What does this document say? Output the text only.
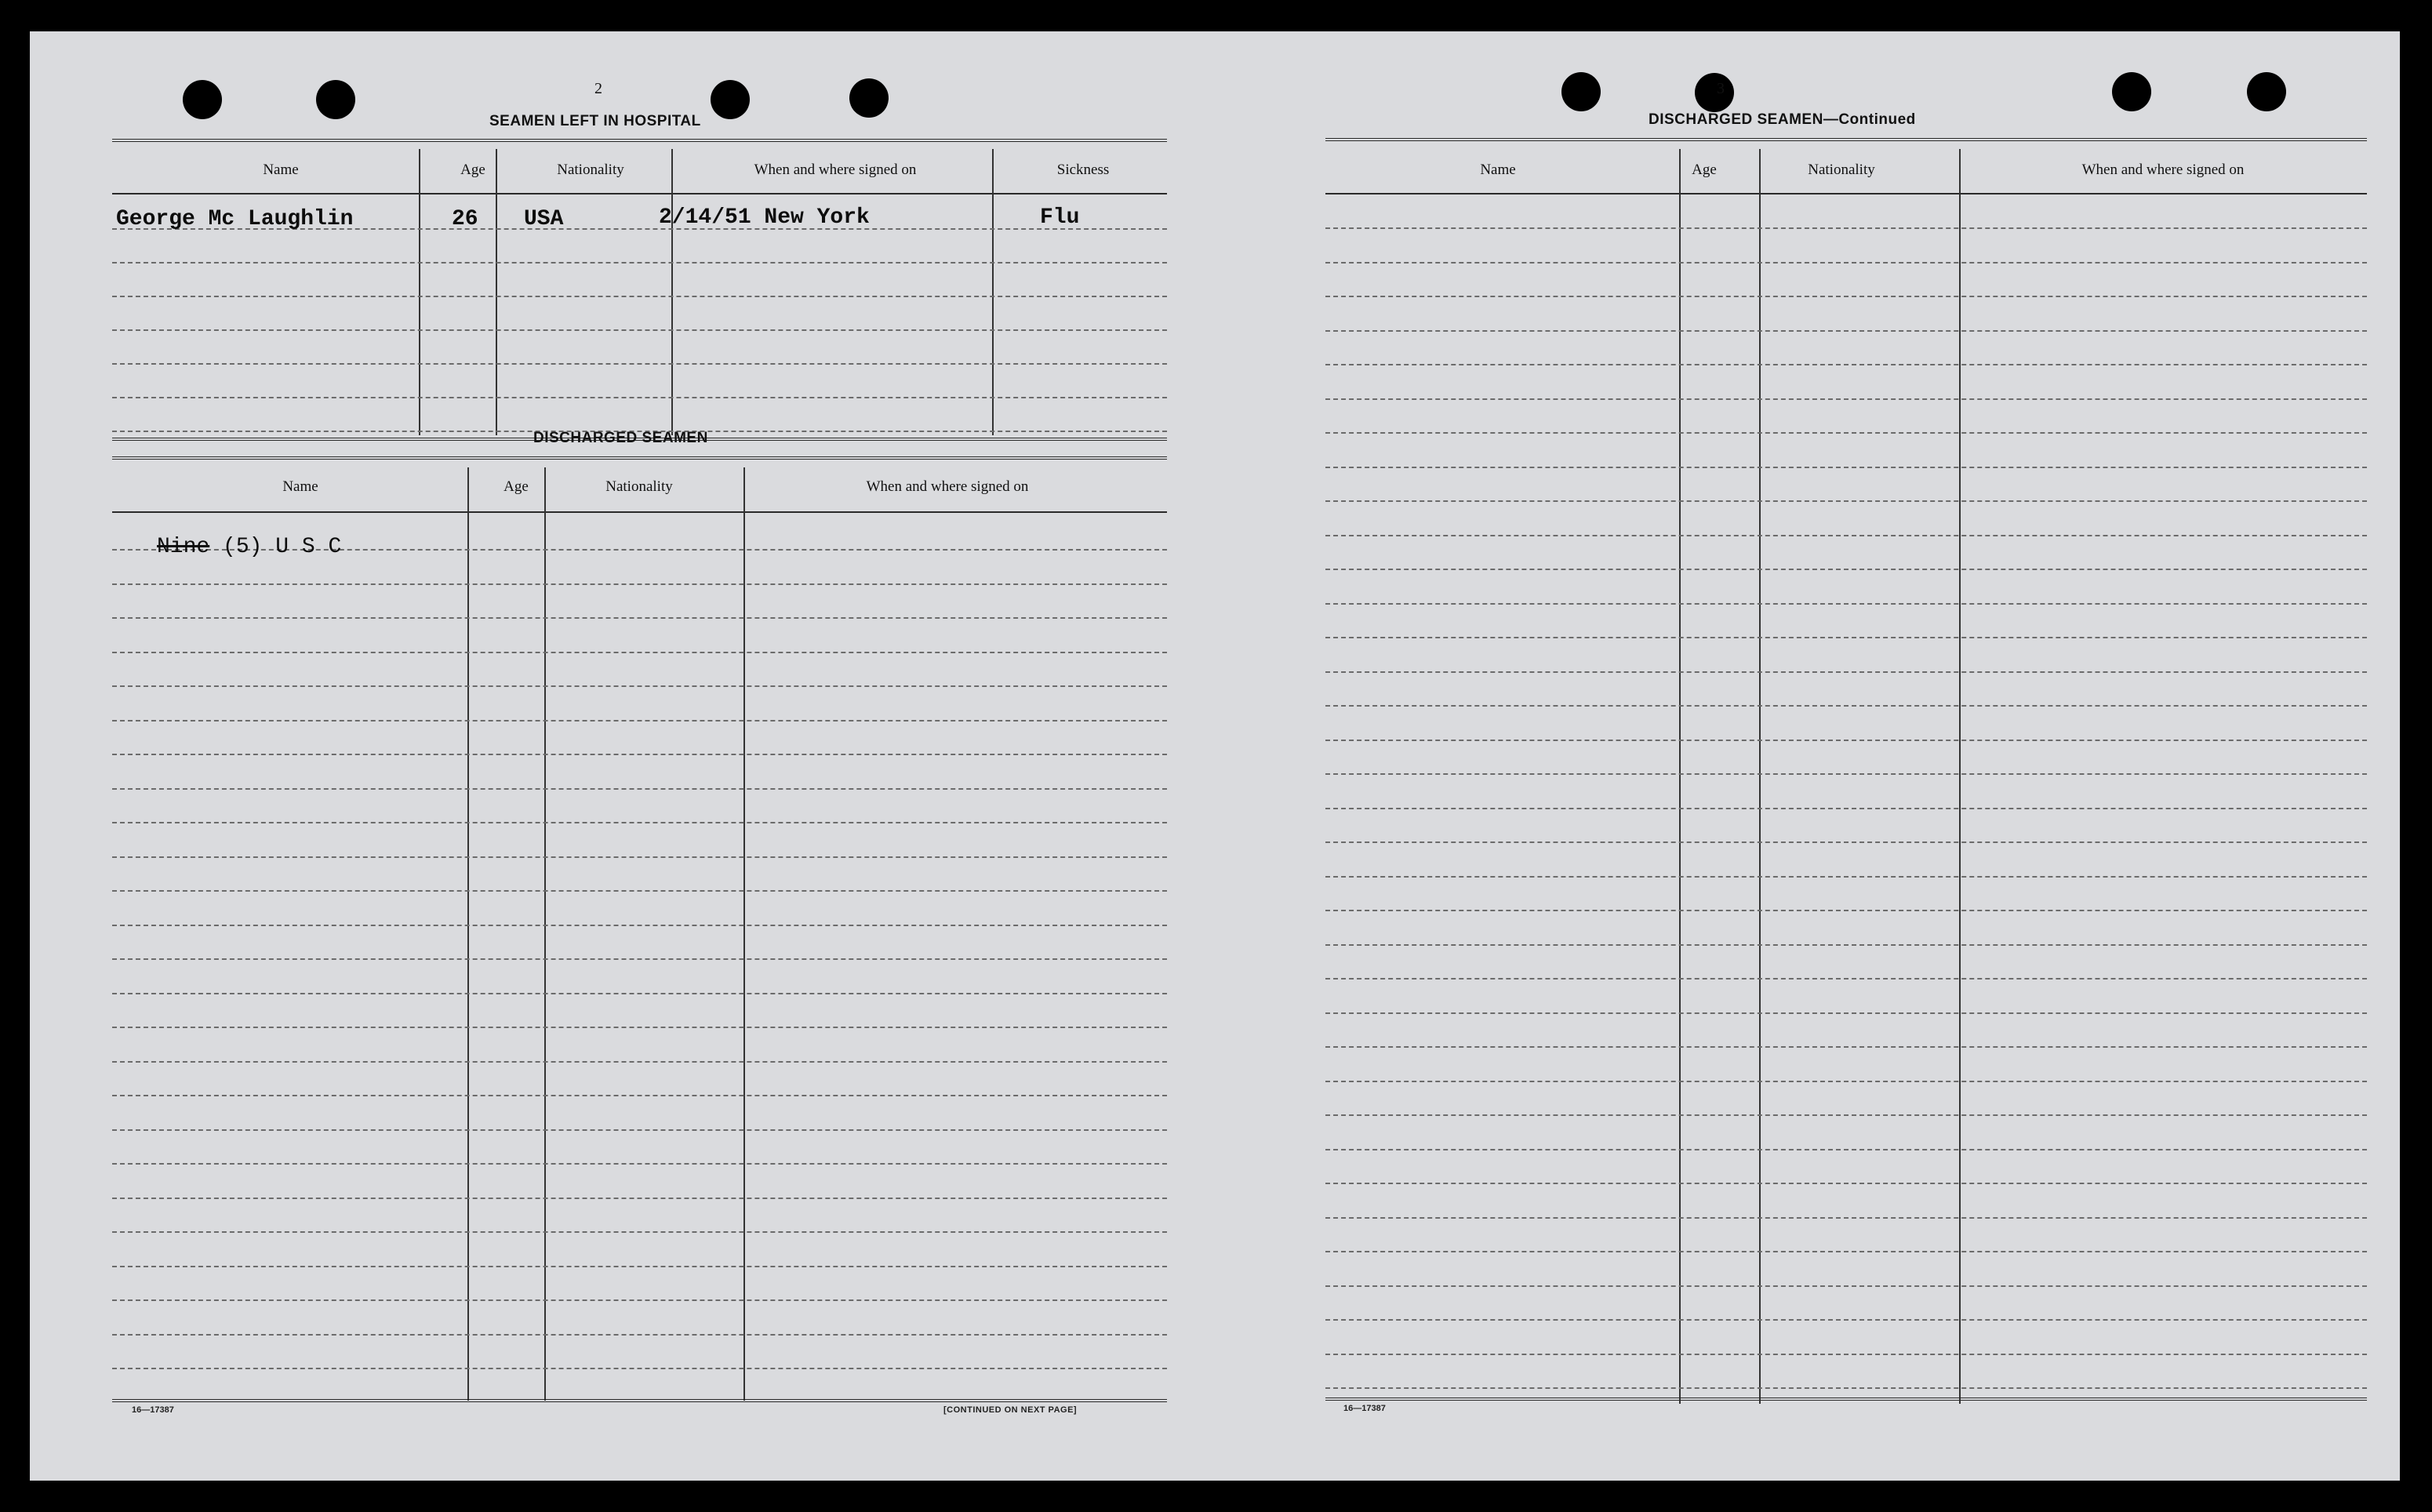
2
SEAMEN LEFT IN HOSPITAL
Name	Age	Nationality	When and where signed on	Sickness
George Mc Laughlin	26 USA	2/14/51 New York	Flu
DISCHARGED SEAMEN
Name	Age	Nationality	When and where signed on
Nine (5) U S C
16—17387	[CONTINUED ON NEXT PAGE]
3
DISCHARGED SEAMEN—Continued
Name	Age	Nationality	When and where signed on
16—17387
